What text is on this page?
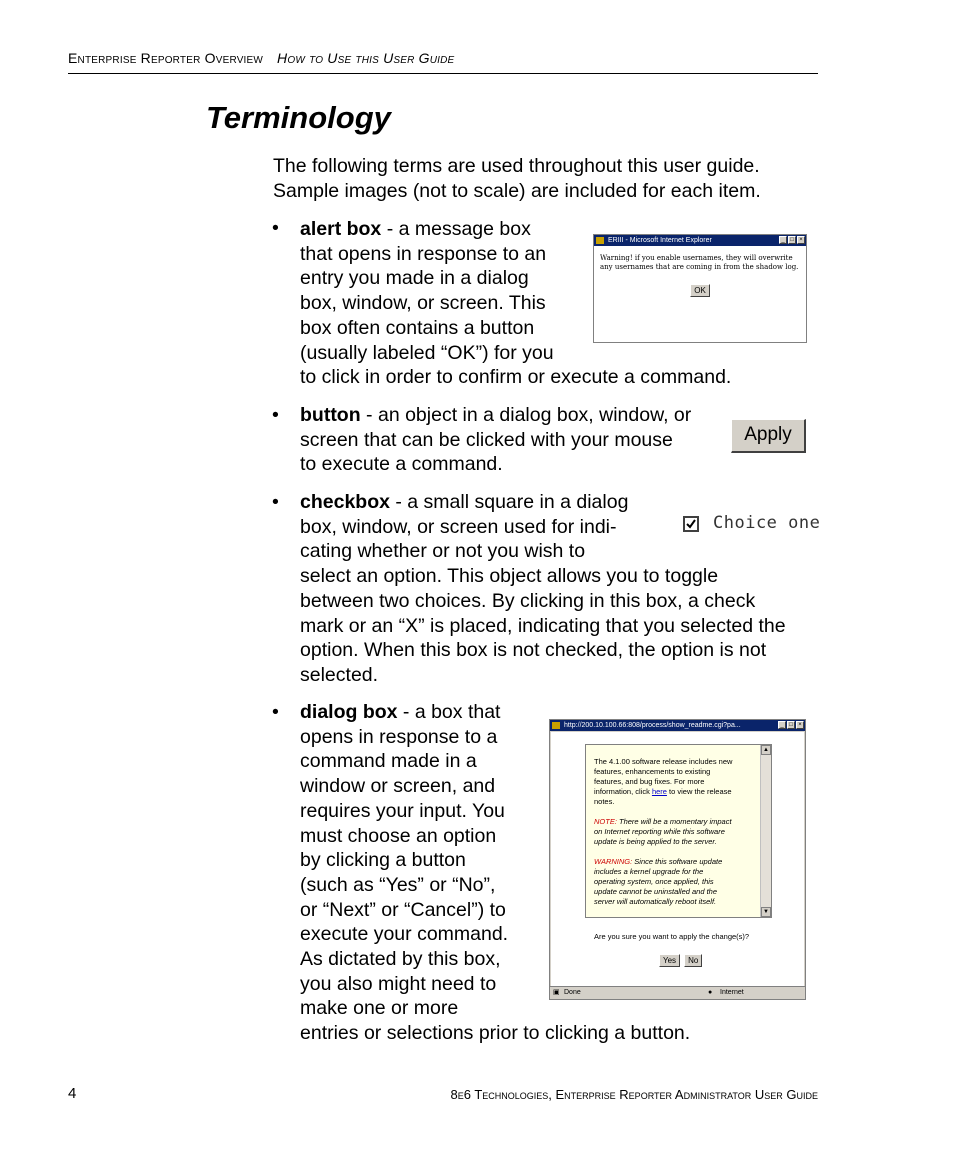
Enterprise Reporter Overview How to Use this User Guide
Terminology
The following terms are used throughout this user guide.
Sample images (not to scale) are included for each item.
• alert box - a message box
that opens in response to an
entry you made in a dialog
box, window, or screen. This
box often contains a button
(usually labeled “OK”) for you
to click in order to confirm or execute a command.
ERIII - Microsoft Internet Explorer	_ □ ×
Warning! if you enable usernames, they will overwrite
any usernames that are coming in from the shadow log.
OK
• button - an object in a dialog box, window, or
screen that can be clicked with your mouse
to execute a command.
Apply
• checkbox - a small square in a dialog
box, window, or screen used for indi-
cating whether or not you wish to
select an option. This object allows you to toggle
between two choices. By clicking in this box, a check
mark or an “X” is placed, indicating that you selected the
option. When this box is not checked, the option is not
selected.
Choice one
• dialog box - a box that
opens in response to a
command made in a
window or screen, and
requires your input. You
must choose an option
by clicking a button
(such as “Yes” or “No”,
or “Next” or “Cancel”) to
execute your command.
As dictated by this box,
you also might need to
make one or more
entries or selections prior to clicking a button.
http://200.10.100.66:808/process/show_readme.cgi?pa...	_ □ ×
The 4.1.00 software release includes new
features, enhancements to existing
features, and bug fixes. For more
information, click here to view the release
notes.
NOTE: There will be a momentary impact
on Internet reporting while this software
update is being applied to the server.
WARNING: Since this software update
includes a kernel upgrade for the
operating system, once applied, this
update cannot be uninstalled and the
server will automatically reboot itself.
▲
▼
Are you sure you want to apply the change(s)?
Yes	No
▣ Done	● Internet
4	8e6 Technologies, Enterprise Reporter Administrator User Guide
